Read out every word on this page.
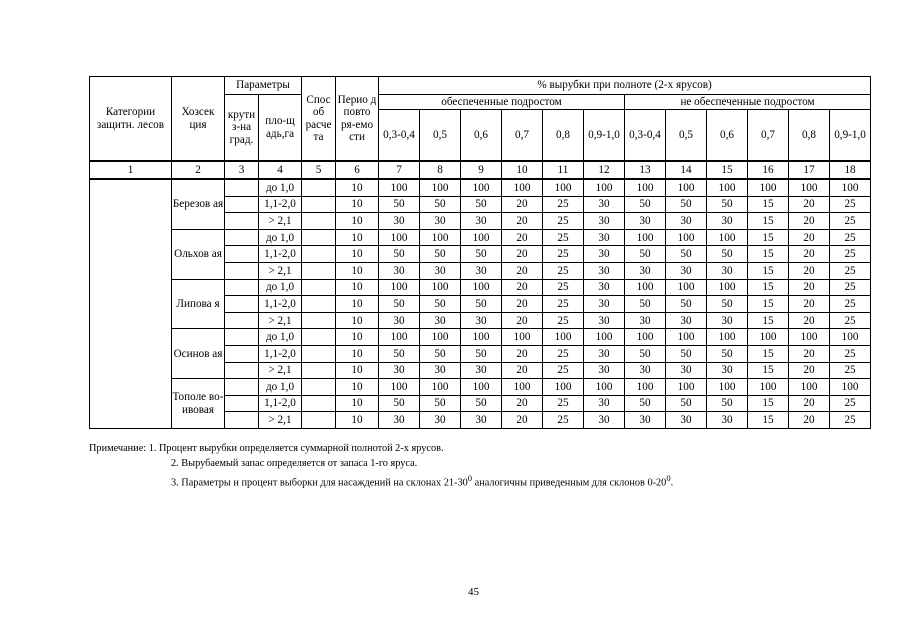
Категории защитн. лесов	Хозсек ция	Параметры		Спос об расче та	Перио д повто ря-емо сти	% вырубки при полноте (2-х ярусов)											
		крути з-на град.	пло-щ адь,га			обеспеченные подростом						не обеспеченные подростом					
						0,3-0,4	0,5	0,6	0,7	0,8	0,9-1,0	0,3-0,4	0,5	0,6	0,7	0,8	0,9-1,0
1	2	3	4	5	6	7	8	9	10	11	12	13	14	15	16	17	18
	Березов ая		до 1,0		10	100	100	100	100	100	100	100	100	100	100	100	100
			1,1-2,0		10	50	50	50	20	25	30	50	50	50	15	20	25
			> 2,1		10	30	30	30	20	25	30	30	30	30	15	20	25
	Ольхов ая		до 1,0		10	100	100	100	20	25	30	100	100	100	15	20	25
			1,1-2,0		10	50	50	50	20	25	30	50	50	50	15	20	25
			> 2,1		10	30	30	30	20	25	30	30	30	30	15	20	25
	Липова я		до 1,0		10	100	100	100	20	25	30	100	100	100	15	20	25
			1,1-2,0		10	50	50	50	20	25	30	50	50	50	15	20	25
			> 2,1		10	30	30	30	20	25	30	30	30	30	15	20	25
	Осинов ая		до 1,0		10	100	100	100	100	100	100	100	100	100	100	100	100
			1,1-2,0		10	50	50	50	20	25	30	50	50	50	15	20	25
			> 2,1		10	30	30	30	20	25	30	30	30	30	15	20	25
	Тополе во- ивовая		до 1,0		10	100	100	100	100	100	100	100	100	100	100	100	100
			1,1-2,0		10	50	50	50	20	25	30	50	50	50	15	20	25
			> 2,1		10	30	30	30	20	25	30	30	30	30	15	20	25
Примечание: 1. Процент вырубки определяется суммарной полнотой 2-х ярусов.
2. Вырубаемый запас определяется от запаса 1-го яруса.
3. Параметры и процент выборки для насаждений на склонах $21-30^0$ аналогичны приведенным для склонов $0-20^0$.
45
